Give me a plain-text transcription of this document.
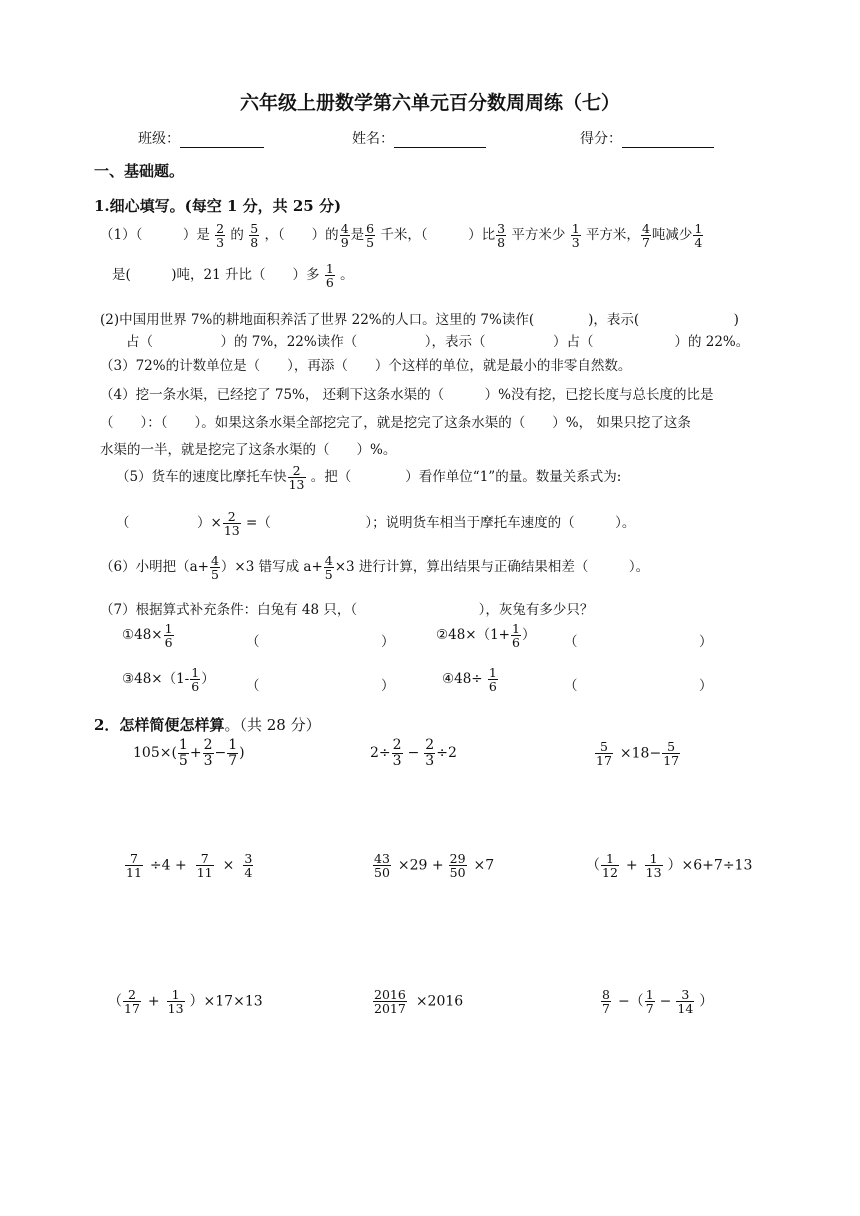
六年级上册数学第六单元百分数周周练（七）
班级：	姓名：	得分：
一、基础题。
1.细心填写。(每空 1 分，共 25 分)
（1）（　　　）是 $\frac{2}{3}$ 的 $\frac{5}{8}$ ，（　　）的 $\frac{4}{9}$ 是 $\frac{6}{5}$ 千米，（　　　）比 $\frac{3}{8}$ 平方米少 $\frac{1}{3}$ 平方米， $\frac{4}{7}$ 吨减少 $\frac{1}{4}$
是(　　　)吨，21 升比（　　）多 $\frac{1}{6}$ 。
(2)中国用世界 7%的耕地面积养活了世界 22%的人口。这里的 7%读作(　　　　)，表示(　　　　　　　)
占（　　　　　）的 7%，22%读作（　　　　　），表示（　　　　　）占（　　　　　　）的 22%。
（3）72%的计数单位是（　　），再添（　　）个这样的单位，就是最小的非零自然数。
（4）挖一条水渠，已经挖了 75%， 还剩下这条水渠的（　　　）%没有挖，已挖长度与总长度的比是
（　　）：（　　）。如果这条水渠全部挖完了，就是挖完了这条水渠的（　　）%， 如果只挖了这条
水渠的一半，就是挖完了这条水渠的（　　）%。
（5）货车的速度比摩托车快 $\frac{2}{13}$ 。把（　　　　）看作单位“1”的量。数量关系式为:
（　　　　　）× $\frac{2}{13}$ =（　　　　　　　）；说明货车相当于摩托车速度的（　　　）。
（6）小明把$(a+ \frac{4}{5} )\times 3$ 错写成 $a+ \frac{4}{5} \times 3$ 进行计算，算出结果与正确结果相差（　　　）。
（7）根据算式补充条件：白兔有 48 只，（　　　　　　　　　），灰兔有多少只？
①48× $\frac{1}{6}$	（　　　　　　　　　）	②48×（1+ $\frac{1}{6}$ ） （　　　　　　　　　）
③48×（1- $\frac{1}{6}$ ） （　　　　　　　　　）	④48÷ $\frac{1}{6}$	（　　　　　　　　　）
2．怎样简便怎样算。（共 28 分）
$105\times( \frac{1}{5} + \frac{2}{3} - \frac{1}{7}$ )	$2\div \frac{2}{3} - \frac{2}{3} \div 2$	$\frac{5}{17} \times 18- \frac{5}{17}$
$\frac{7}{11} \div 4 + \frac{7}{11} \times \frac{3}{4}$	$\frac{43}{50} \times 29 + \frac{29}{50} \times 7$	（ $\frac{1}{12} + \frac{1}{13} )\times 6+7\div 13$
（ $\frac{2}{17} + \frac{1}{13} )\times 17\times 13$	$\frac{2016}{2017} \times 2016$	$\frac{8}{7}$ −（ $\frac{1}{7} - \frac{3}{14}$ ）
